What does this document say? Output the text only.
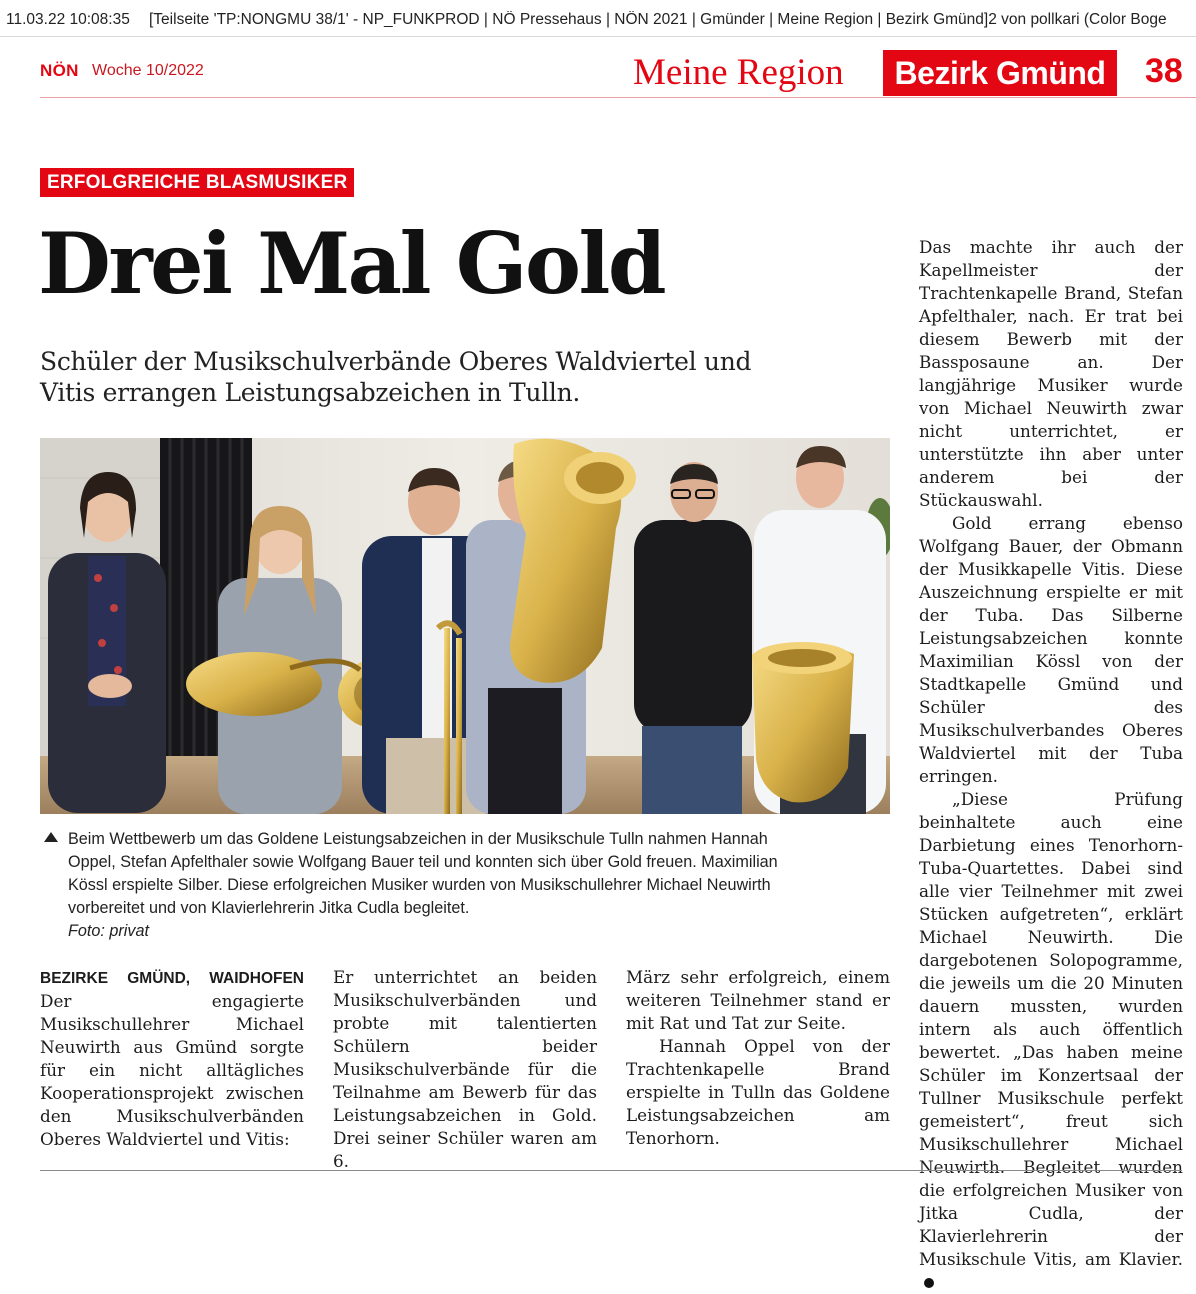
11.03.22 10:08:35 [Teilseite 'TP:NONGMU 38/1' - NP_FUNKPROD | NÖ Pressehaus | NÖN 2021 | Gmünder | Meine Region | Bezirk Gmünd]2 von pollkari (Color Boge
NÖN Woche 10/2022	Meine Region	Bezirk Gmünd	38
ERFOLGREICHE BLASMUSIKER
Drei Mal Gold

Schüler der Musikschulverbände Oberes Waldviertel und Vitis errangen Leistungsabzeichen in Tulln.

Beim Wettbewerb um das Goldene Leistungsabzeichen in der Musikschule Tulln nahmen Hannah Oppel, Stefan Apfelthaler sowie Wolfgang Bauer teil und konnten sich über Gold freuen. Maximilian Kössl erspielte Silber. Diese erfolgreichen Musiker wurden von Musikschullehrer Michael Neuwirth vorbereitet und von Klavierlehrerin Jitka Cudla begleitet.
Foto: privat

BEZIRKE GMÜND, WAIDHOFEN Der engagierte Musikschullehrer Michael Neuwirth aus Gmünd sorgte für ein nicht alltägliches Kooperationsprojekt zwischen den Musikschulverbänden Oberes Waldviertel und Vitis:

Er unterrichtet an beiden Musikschulverbänden und probte mit talentierten Schülern beider Musikschulverbände für die Teilnahme am Bewerb für das Leistungsabzeichen in Gold. Drei seiner Schüler waren am 6.

März sehr erfolgreich, einem weiteren Teilnehmer stand er mit Rat und Tat zur Seite.

Hannah Oppel von der Trachtenkapelle Brand erspielte in Tulln das Goldene Leistungsabzeichen am Tenorhorn.

Das machte ihr auch der Kapellmeister der Trachtenkapelle Brand, Stefan Apfelthaler, nach. Er trat bei diesem Bewerb mit der Bassposaune an. Der langjährige Musiker wurde von Michael Neuwirth zwar nicht unterrichtet, er unterstützte ihn aber unter anderem bei der Stückauswahl.

Gold errang ebenso Wolfgang Bauer, der Obmann der Musikkapelle Vitis. Diese Auszeichnung erspielte er mit der Tuba. Das Silberne Leistungsabzeichen konnte Maximilian Kössl von der Stadtkapelle Gmünd und Schüler des Musikschulverbandes Oberes Waldviertel mit der Tuba erringen.

„Diese Prüfung beinhaltete auch eine Darbietung eines Tenorhorn-Tuba-Quartettes. Dabei sind alle vier Teilnehmer mit zwei Stücken aufgetreten“, erklärt Michael Neuwirth. Die dargebotenen Solopogramme, die jeweils um die 20 Minuten dauern mussten, wurden intern als auch öffentlich bewertet. „Das haben meine Schüler im Konzertsaal der Tullner Musikschule perfekt gemeistert“, freut sich Musikschullehrer Michael Neuwirth. Begleitet wurden die erfolgreichen Musiker von Jitka Cudla, der Klavierlehrerin der Musikschule Vitis, am Klavier.
